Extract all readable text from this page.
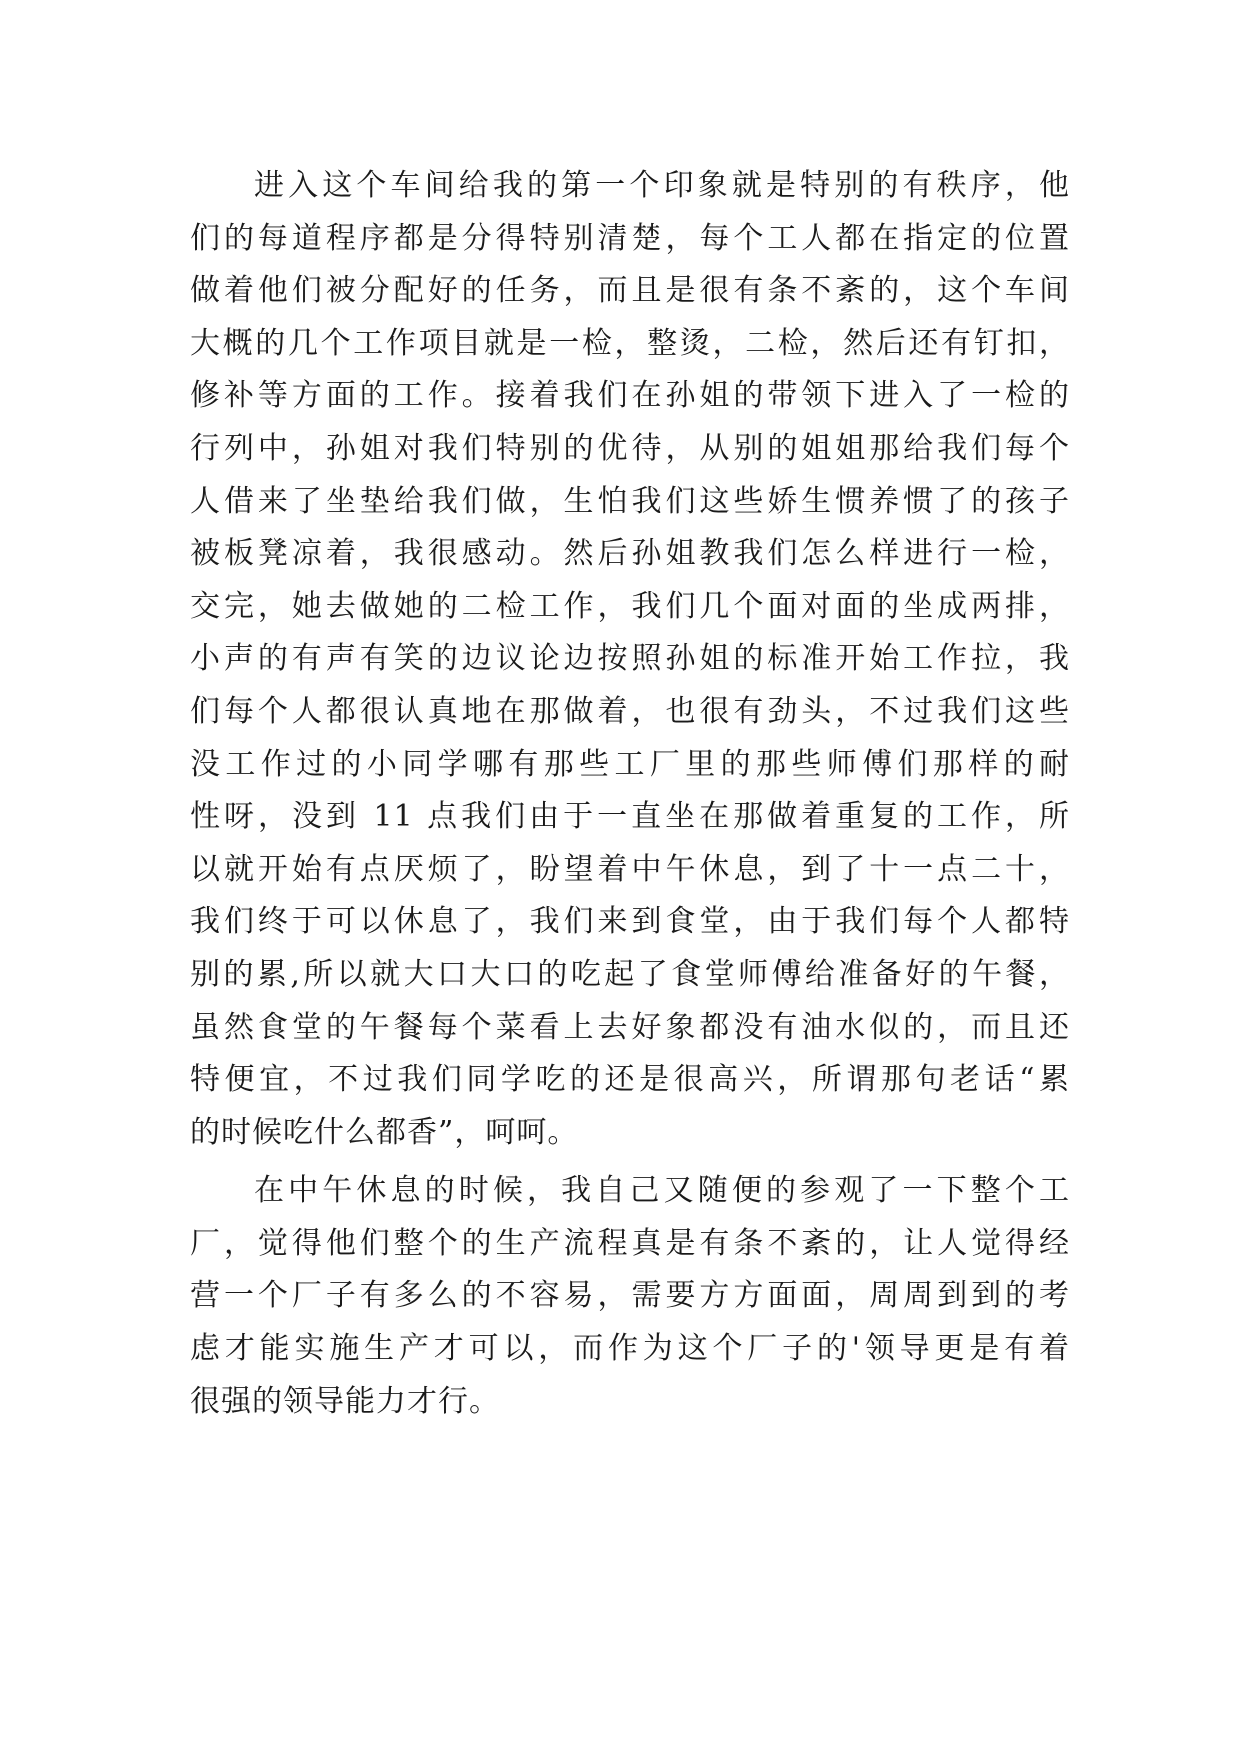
进入这个车间给我的第一个印象就是特别的有秩序，他
们的每道程序都是分得特别清楚，每个工人都在指定的位置
做着他们被分配好的任务，而且是很有条不紊的，这个车间
大概的几个工作项目就是一检，整烫，二检，然后还有钉扣，
修补等方面的工作。接着我们在孙姐的带领下进入了一检的
行列中，孙姐对我们特别的优待，从别的姐姐那给我们每个
人借来了坐垫给我们做，生怕我们这些娇生惯养惯了的孩子
被板凳凉着，我很感动。然后孙姐教我们怎么样进行一检，
交完，她去做她的二检工作，我们几个面对面的坐成两排，
小声的有声有笑的边议论边按照孙姐的标准开始工作拉，我
们每个人都很认真地在那做着，也很有劲头，不过我们这些
没工作过的小同学哪有那些工厂里的那些师傅们那样的耐
性呀，没到 11 点我们由于一直坐在那做着重复的工作，所
以就开始有点厌烦了，盼望着中午休息，到了十一点二十，
我们终于可以休息了，我们来到食堂，由于我们每个人都特
别的累,所以就大口大口的吃起了食堂师傅给准备好的午餐，
虽然食堂的午餐每个菜看上去好象都没有油水似的，而且还
特便宜，不过我们同学吃的还是很高兴，所谓那句老话“累
的时候吃什么都香”，呵呵。
在中午休息的时候，我自己又随便的参观了一下整个工
厂，觉得他们整个的生产流程真是有条不紊的，让人觉得经
营一个厂子有多么的不容易，需要方方面面，周周到到的考
虑才能实施生产才可以，而作为这个厂子的'领导更是有着
很强的领导能力才行。
